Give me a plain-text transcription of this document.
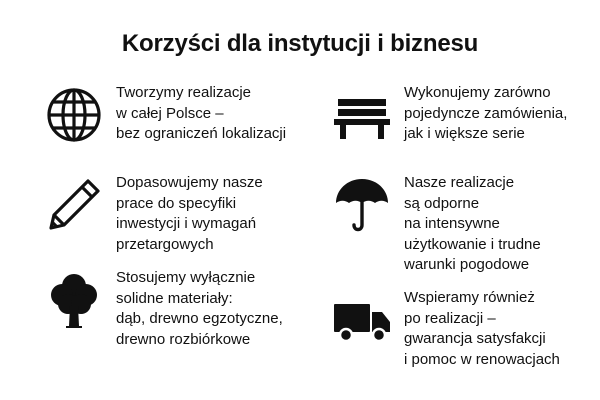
Korzyści dla instytucji i biznesu
Tworzymy realizacje
w całej Polsce –
bez ograniczeń lokalizacji
Dopasowujemy nasze
prace do specyfiki
inwestycji i wymagań
przetargowych
Stosujemy wyłącznie
solidne materiały:
dąb, drewno egzotyczne,
drewno rozbiórkowe
Wykonujemy zarówno
pojedyncze zamówienia,
jak i większe serie
Nasze realizacje
są odporne
na intensywne
użytkowanie i trudne
warunki pogodowe
Wspieramy również
po realizacji –
gwarancja satysfakcji
i pomoc w renowacjach
